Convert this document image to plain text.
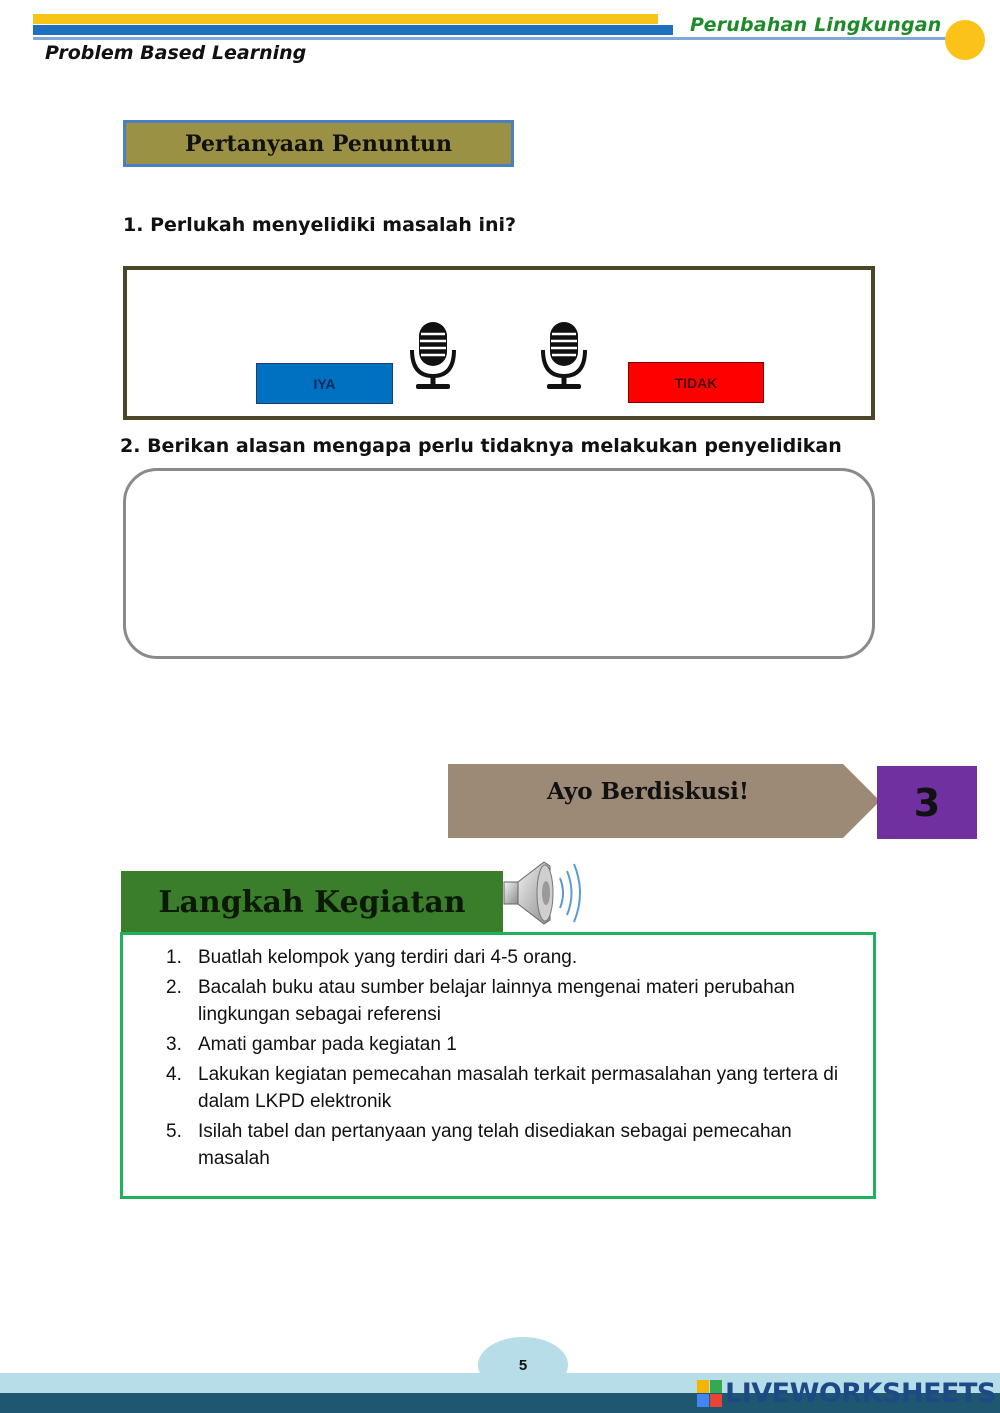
Perubahan Lingkungan
Problem Based Learning
Pertanyaan Penuntun
1. Perlukah menyelidiki masalah ini?
IYA	TIDAK
2. Berikan alasan mengapa perlu tidaknya melakukan penyelidikan
Ayo Berdiskusi!	3
Langkah Kegiatan
1. Buatlah kelompok yang terdiri dari 4-5 orang.
2. Bacalah buku atau sumber belajar lainnya mengenai materi perubahan lingkungan sebagai referensi
3. Amati gambar pada kegiatan 1
4. Lakukan kegiatan pemecahan masalah terkait permasalahan yang tertera di dalam LKPD elektronik
5. Isilah tabel dan pertanyaan yang telah disediakan sebagai pemecahan masalah
5
LIVEWORKSHEETS
